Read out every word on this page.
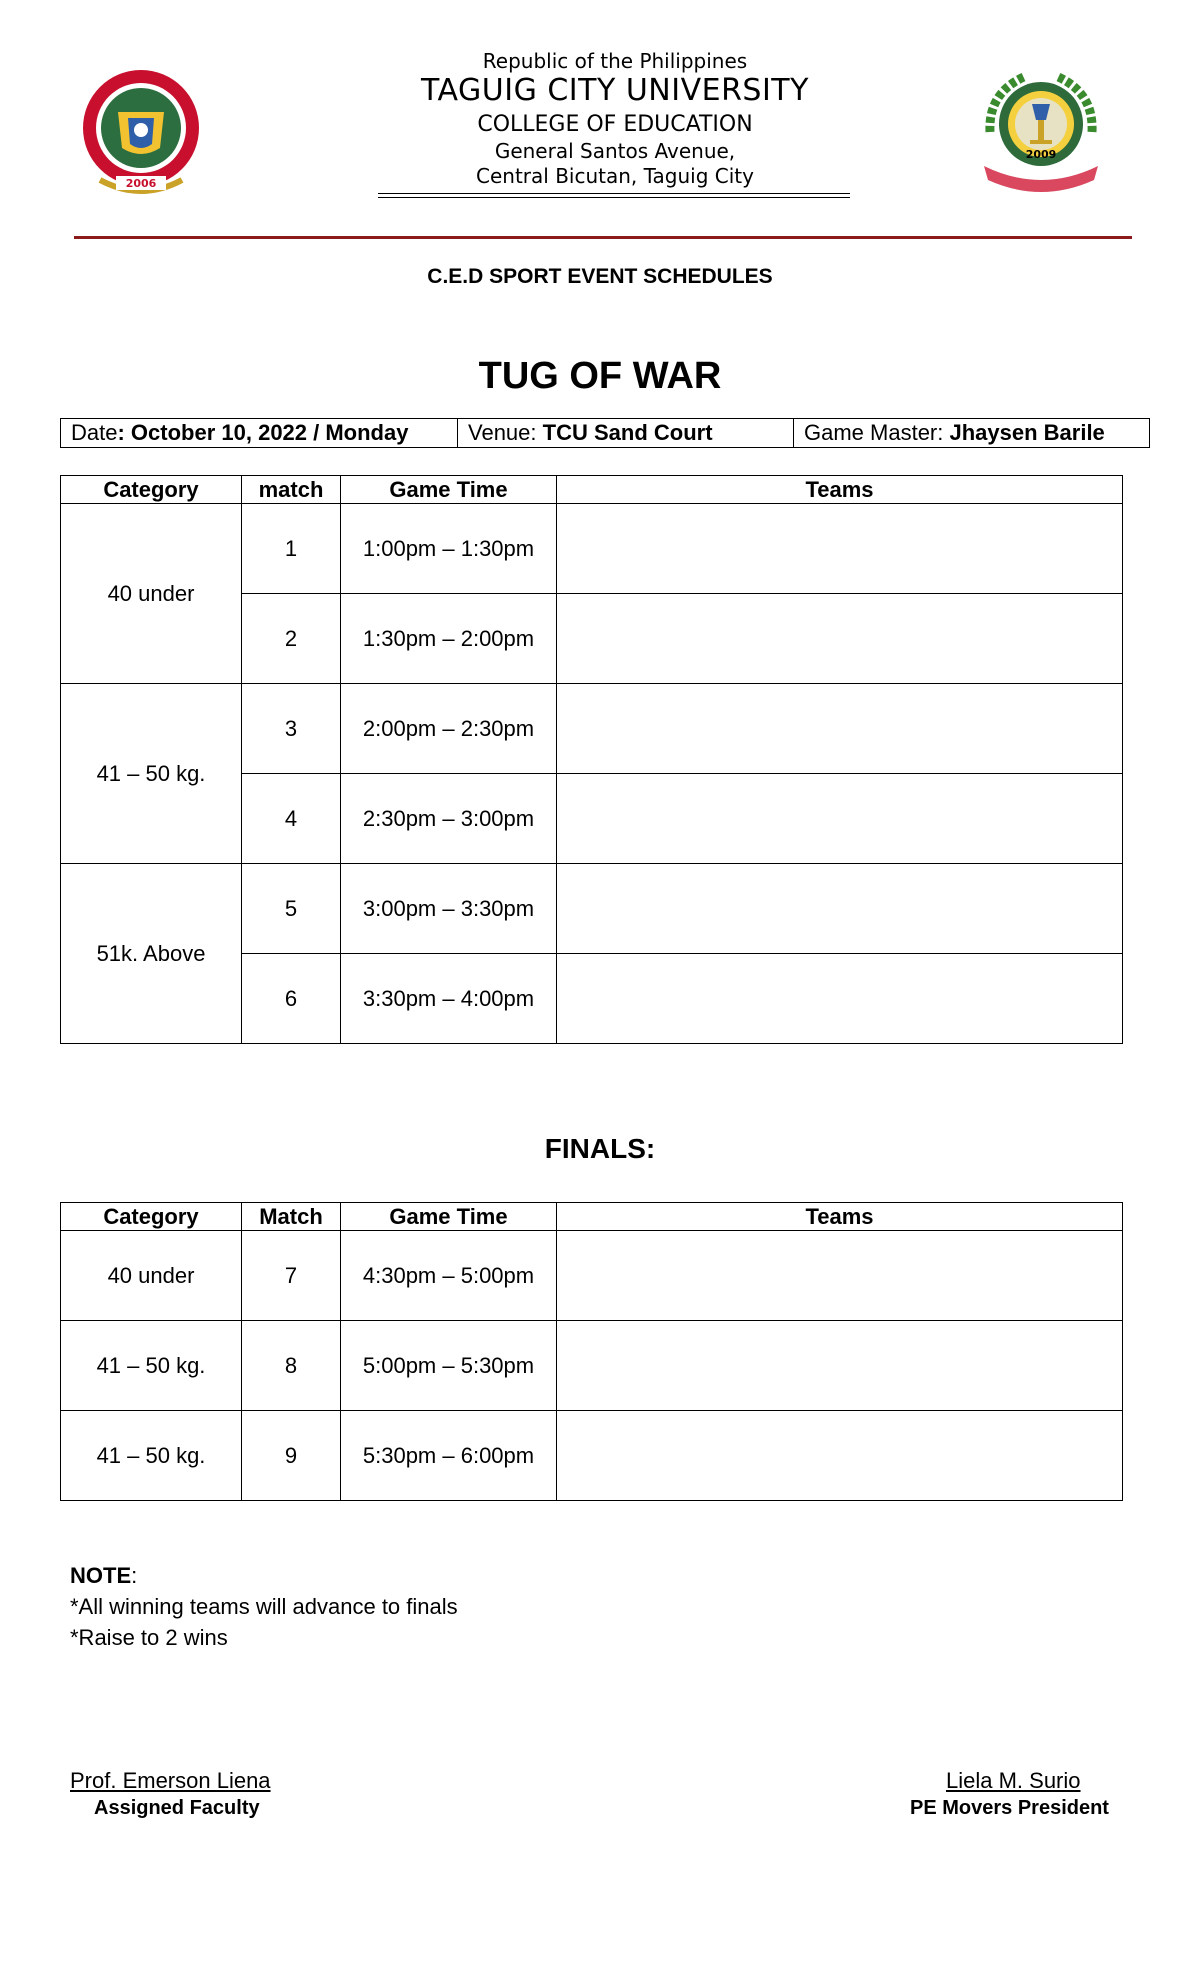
2006
2009
Republic of the Philippines
TAGUIG CITY UNIVERSITY
COLLEGE OF EDUCATION
General Santos Avenue,
Central Bicutan, Taguig City
C.E.D SPORT EVENT SCHEDULES
TUG OF WAR
Date: October 10, 2022 / Monday	Venue: TCU Sand Court	Game Master: Jhaysen Barile
Category	match	Game Time	Teams
40 under	1	1:00pm – 1:30pm	
	2	1:30pm – 2:00pm	
41 – 50 kg.	3	2:00pm – 2:30pm	
	4	2:30pm – 3:00pm	
51k. Above	5	3:00pm – 3:30pm	
	6	3:30pm – 4:00pm	
FINALS:
Category	Match	Game Time	Teams
40 under	7	4:30pm – 5:00pm	
41 – 50 kg.	8	5:00pm – 5:30pm	
41 – 50 kg.	9	5:30pm – 6:00pm	
NOTE:
*All winning teams will advance to finals
*Raise to 2 wins
Prof. Emerson Liena
Assigned Faculty
Liela M. Surio
PE Movers President
